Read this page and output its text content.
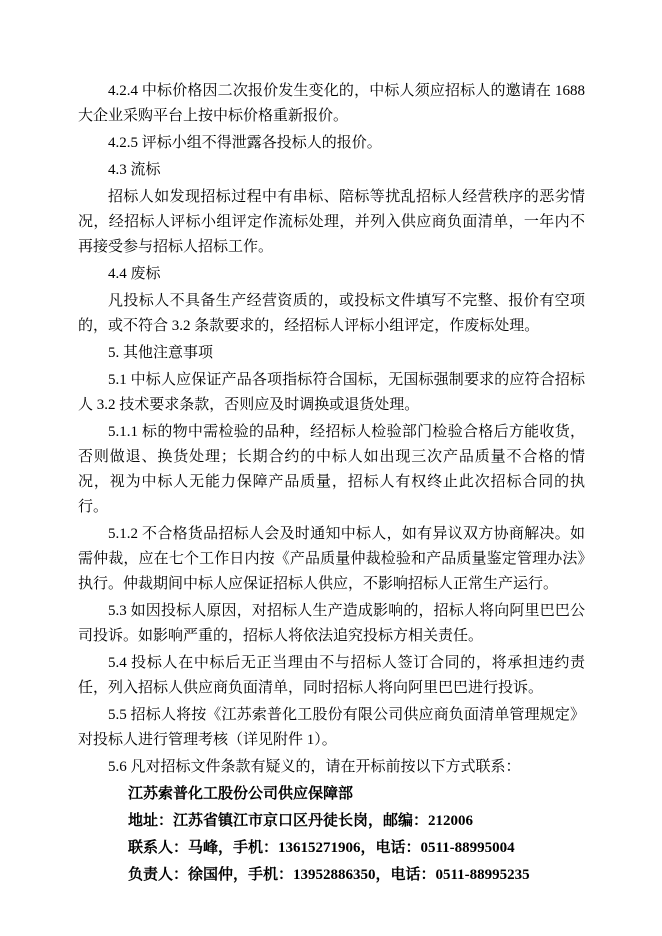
4.2.4 中标价格因二次报价发生变化的，中标人须应招标人的邀请在 1688 大企业采购平台上按中标价格重新报价。

4.2.5 评标小组不得泄露各投标人的报价。

4.3 流标

招标人如发现招标过程中有串标、陪标等扰乱招标人经营秩序的恶劣情况，经招标人评标小组评定作流标处理，并列入供应商负面清单，一年内不再接受参与招标人招标工作。

4.4 废标

凡投标人不具备生产经营资质的，或投标文件填写不完整、报价有空项的，或不符合 3.2 条款要求的，经招标人评标小组评定，作废标处理。

5. 其他注意事项

5.1 中标人应保证产品各项指标符合国标，无国标强制要求的应符合招标人 3.2 技术要求条款，否则应及时调换或退货处理。

5.1.1 标的物中需检验的品种，经招标人检验部门检验合格后方能收货，否则做退、换货处理；长期合约的中标人如出现三次产品质量不合格的情况，视为中标人无能力保障产品质量，招标人有权终止此次招标合同的执行。

5.1.2 不合格货品招标人会及时通知中标人，如有异议双方协商解决。如需仲裁，应在七个工作日内按《产品质量仲裁检验和产品质量鉴定管理办法》执行。仲裁期间中标人应保证招标人供应，不影响招标人正常生产运行。

5.3 如因投标人原因，对招标人生产造成影响的，招标人将向阿里巴巴公司投诉。如影响严重的，招标人将依法追究投标方相关责任。

5.4 投标人在中标后无正当理由不与招标人签订合同的，将承担违约责任，列入招标人供应商负面清单，同时招标人将向阿里巴巴进行投诉。

5.5 招标人将按《江苏索普化工股份有限公司供应商负面清单管理规定》对投标人进行管理考核（详见附件 1）。

5.6 凡对招标文件条款有疑义的，请在开标前按以下方式联系：

江苏索普化工股份公司供应保障部

地址：江苏省镇江市京口区丹徒长岗，邮编：212006

联系人：马峰，手机：13615271906，电话：0511-88995004

负责人：徐国仲，手机：13952886350，电话：0511-88995235
